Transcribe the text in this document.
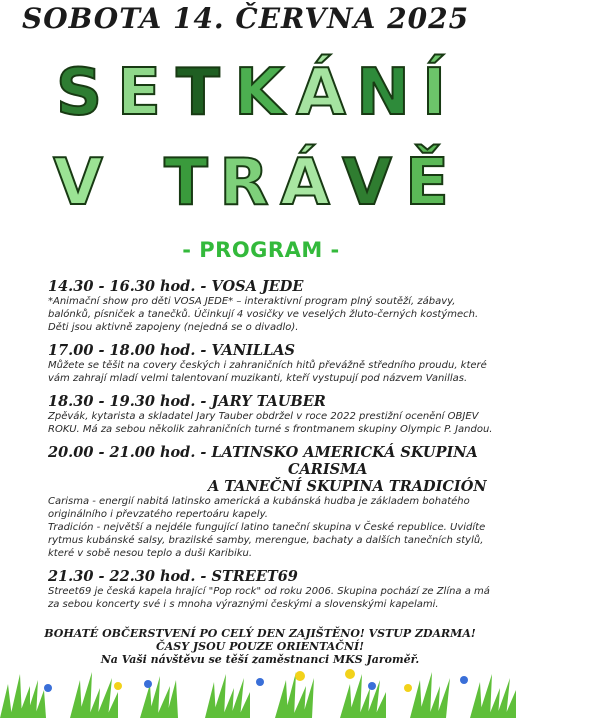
SOBOTA 14. ČERVNA 2025
S E T K Á N Í
V T R Á V Ě
- PROGRAM -
14.30 - 16.30 hod. - VOSA JEDE
*Animační show pro děti VOSA JEDE* – interaktivní program plný soutěží, zábavy,
balónků, písniček a tanečků. Účinkují 4 vosičky ve veselých žluto-černých kostýmech.
Děti jsou aktivně zapojeny (nejedná se o divadlo).
17.00 - 18.00 hod. - VANILLAS
Můžete se těšit na covery českých i zahraničních hitů převážně středního proudu, které
vám zahrají mladí velmi talentovaní muzikanti, kteří vystupují pod názvem Vanillas.
18.30 - 19.30 hod. - JARY TAUBER
Zpěvák, kytarista a skladatel Jary Tauber obdržel v roce 2022 prestižní ocenění OBJEV
ROKU. Má za sebou několik zahraničních turné s frontmanem skupiny Olympic P. Jandou.
20.00 - 21.00 hod. - LATINSKO AMERICKÁ SKUPINA
CARISMA
A TANEČNÍ SKUPINA TRADICIÓN
Carisma - energií nabitá latinsko americká a kubánská hudba je základem bohatého
originálního i převzatého repertoáru kapely.
Tradición - největší a nejdéle fungující latino taneční skupina v České republice. Uvidíte
rytmus kubánské salsy, brazilské samby, merengue, bachaty a dalších tanečních stylů,
které v sobě nesou teplo a duši Karibiku.
21.30 - 22.30 hod. - STREET69
Street69 je česká kapela hrající "Pop rock" od roku 2006. Skupina pochází ze Zlína a má
za sebou koncerty své i s mnoha výraznými českými a slovenskými kapelami.
BOHATÉ OBČERSTVENÍ PO CELÝ DEN ZAJIŠTĚNO! VSTUP ZDARMA!
ČASY JSOU POUZE ORIENTAČNÍ!
Na Vaši návštěvu se těší zaměstnanci MKS Jaroměř.
